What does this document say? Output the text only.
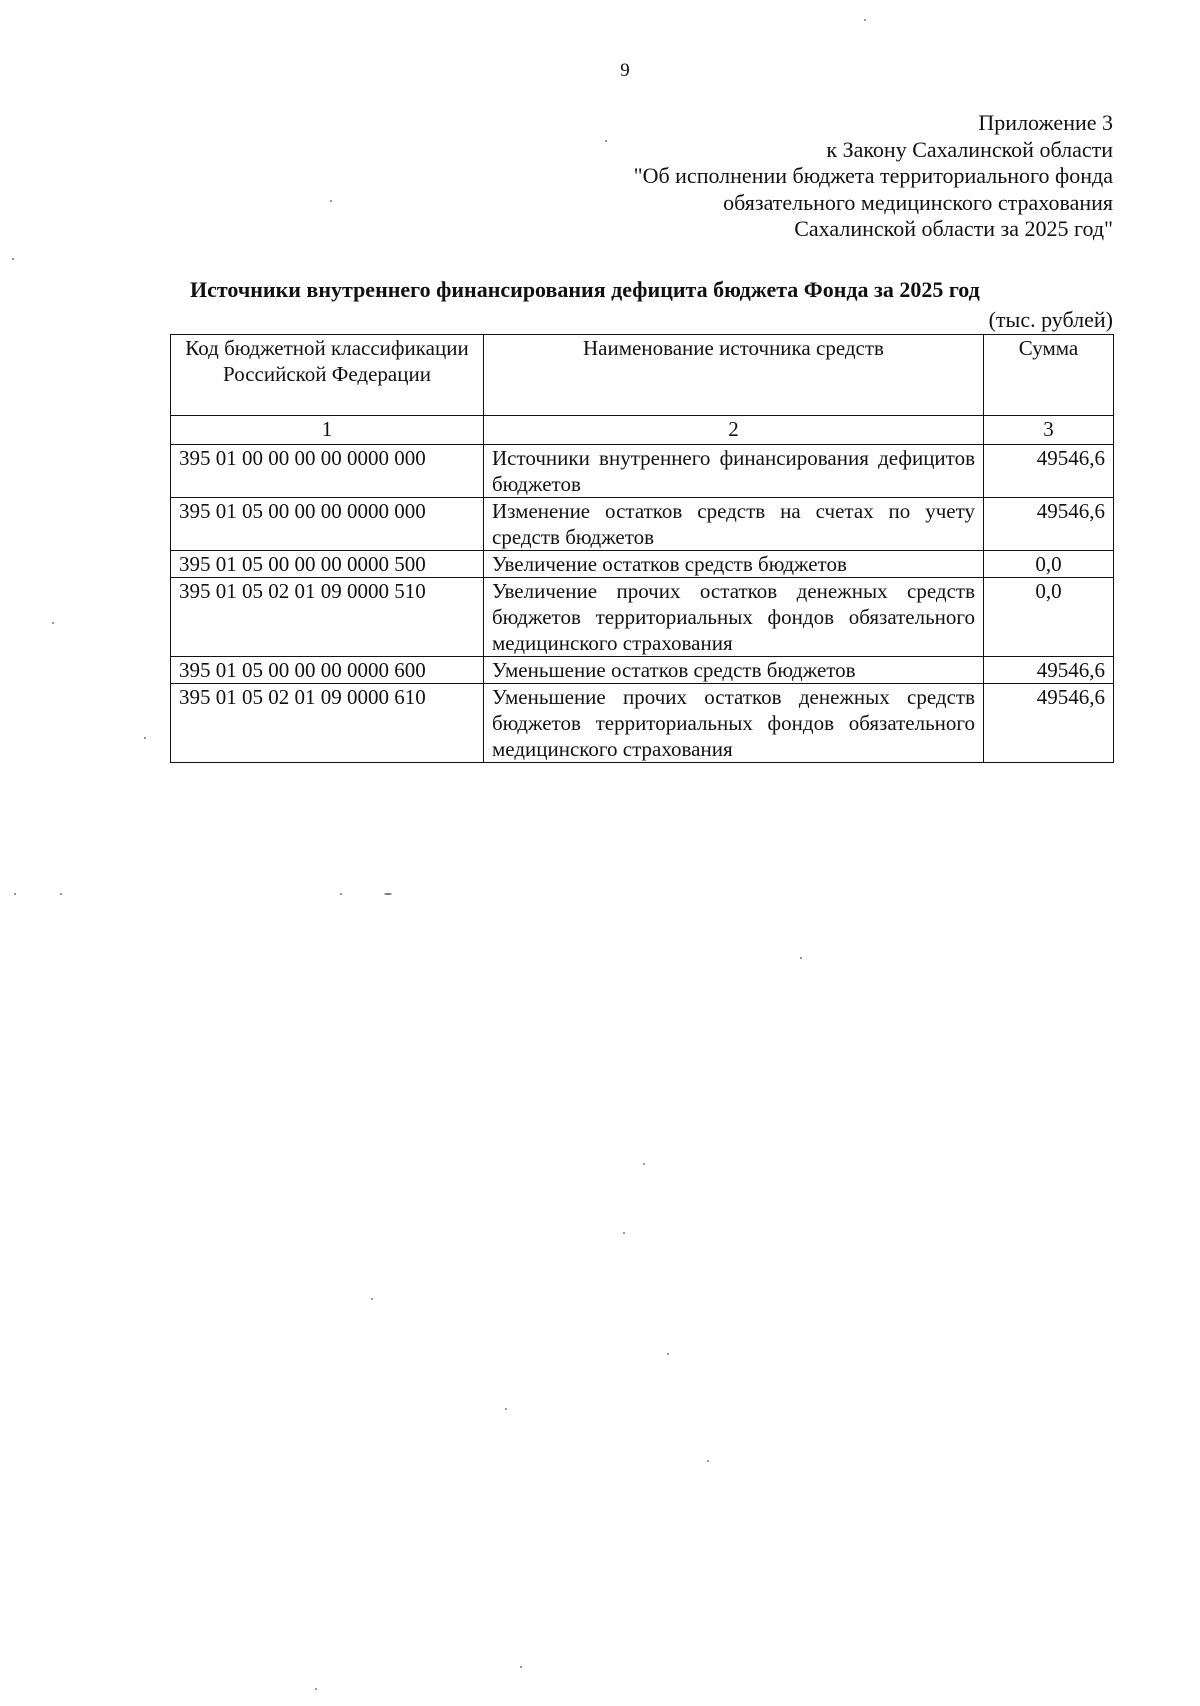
9
Приложение 3
к Закону Сахалинской области
"Об исполнении бюджета территориального фонда
обязательного медицинского страхования
Сахалинской области за 2025 год"
Источники внутреннего финансирования дефицита бюджета Фонда за 2025 год
(тыс. рублей)
Код бюджетной классификации Российской Федерации	Наименование источника средств	Сумма
1	2	3
395 01 00 00 00 00 0000 000	Источники внутреннего финансирования дефицитов бюджетов	49546,6
395 01 05 00 00 00 0000 000	Изменение остатков средств на счетах по учету средств бюджетов	49546,6
395 01 05 00 00 00 0000 500	Увеличение остатков средств бюджетов	0,0
395 01 05 02 01 09 0000 510	Увеличение прочих остатков денежных средств бюджетов территориальных фондов обязательного медицинского страхования	0,0
395 01 05 00 00 00 0000 600	Уменьшение остатков средств бюджетов	49546,6
395 01 05 02 01 09 0000 610	Уменьшение прочих остатков денежных средств бюджетов территориальных фондов обязательного медицинского страхования	49546,6
